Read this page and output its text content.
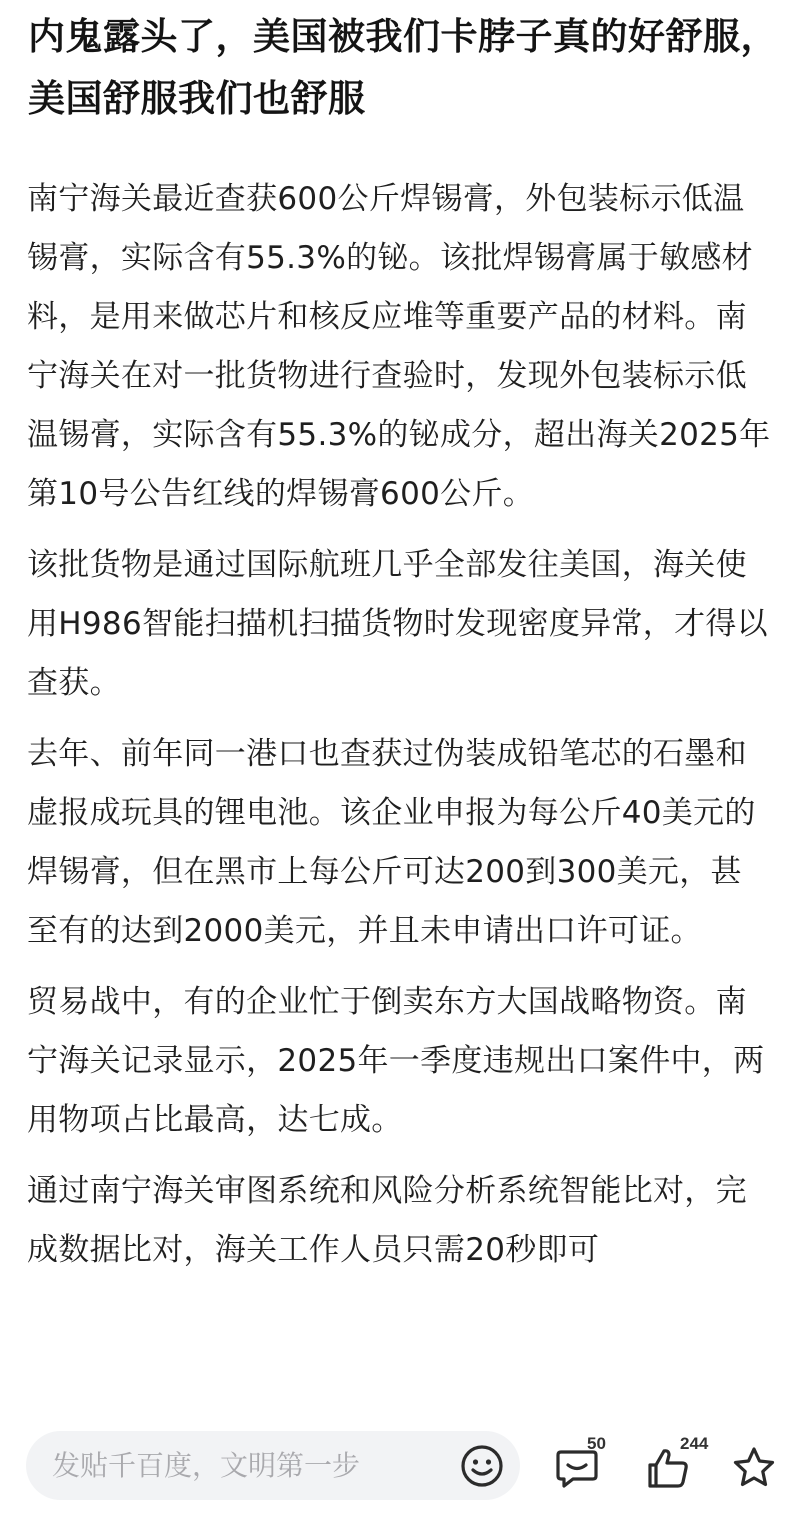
内鬼露头了，美国被我们卡脖子真的好舒服，美国舒服我们也舒服

南宁海关最近查获600公斤焊锡膏，外包装标示低温锡膏，实际含有55.3%的铋。该批焊锡膏属于敏感材料，是用来做芯片和核反应堆等重要产品的材料。南宁海关在对一批货物进行查验时，发现外包装标示低温锡膏，实际含有55.3%的铋成分，超出海关2025年第10号公告红线的焊锡膏600公斤。

该批货物是通过国际航班几乎全部发往美国，海关使用H986智能扫描机扫描货物时发现密度异常，才得以查获。

去年、前年同一港口也查获过伪装成铅笔芯的石墨和虚报成玩具的锂电池。该企业申报为每公斤40美元的焊锡膏，但在黑市上每公斤可达200到300美元，甚至有的达到2000美元，并且未申请出口许可证。

贸易战中，有的企业忙于倒卖东方大国战略物资。南宁海关记录显示，2025年一季度违规出口案件中，两用物项占比最高，达七成。

通过南宁海关审图系统和风险分析系统智能比对，完成数据比对，海关工作人员只需20秒即可

发贴千百度，文明第一步
50	244
